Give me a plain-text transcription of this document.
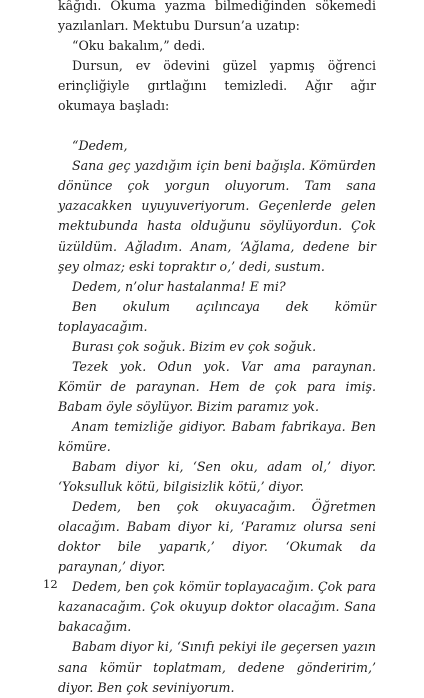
kâğıdı. Okuma yazma bilmediğinden sökemedi yazılanları. Mektubu Dursun’a uzatıp:

“Oku bakalım,” dedi.

Dursun, ev ödevini güzel yapmış öğrenci erinçliğiyle gırtlağını temizledi. Ağır ağır okumaya başladı:

“Dedem,

Sana geç yazdığım için beni bağışla. Kömürden dönünce çok yorgun oluyorum. Tam sana yazacakken uyuyuveriyorum. Geçenlerde gelen mektubunda hasta olduğunu söylüyordun. Çok üzüldüm. Ağladım. Anam, ‘Ağlama, dedene bir şey olmaz; eski topraktır o,’ dedi, sustum.

Dedem, n’olur hastalanma! E mi?

Ben okulum açılıncaya dek kömür toplayacağım.

Burası çok soğuk. Bizim ev çok soğuk.

Tezek yok. Odun yok. Var ama paraynan. Kömür de paraynan. Hem de çok para imiş. Babam öyle söylüyor. Bizim paramız yok.

Anam temizliğe gidiyor. Babam fabrikaya. Ben kömüre.

Babam diyor ki, ‘Sen oku, adam ol,’ diyor. ‘Yoksulluk kötü, bilgisizlik kötü,’ diyor.

Dedem, ben çok okuyacağım. Öğretmen olacağım. Babam diyor ki, ‘Paramız olursa seni doktor bile yaparık,’ diyor. ‘Okumak da paraynan,’ diyor.

Dedem, ben çok kömür toplayacağım. Çok para kazanacağım. Çok okuyup doktor olacağım. Sana bakacağım.

Babam diyor ki, ‘Sınıfı pekiyi ile geçersen yazın sana kömür toplatmam, dedene gönderirim,’ diyor. Ben çok seviniyorum.

12
